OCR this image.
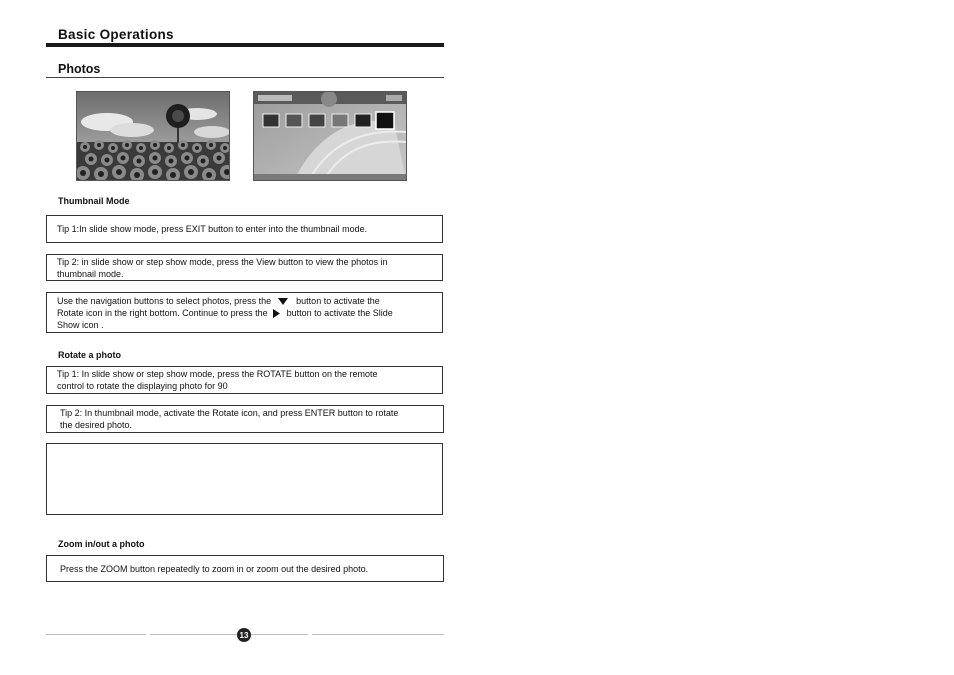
Basic Operations
Photos
Thumbnail Mode
Tip 1:In slide show mode, press EXIT button to enter into the thumbnail mode.
Tip 2: in slide show or step show mode, press the View button to view the photos in
thumbnail mode.
Use the navigation buttons to select photos, press the	button to activate the
Rotate icon in the right bottom. Continue to press the button to activate the Slide
Show icon .
Rotate a photo
Tip 1: In slide show or step show mode, press the ROTATE button on the remote
control to rotate the displaying photo for 90
Tip 2: In thumbnail mode, activate the Rotate icon, and press ENTER button to rotate
the desired photo.
Zoom in/out a photo
Press the ZOOM button repeatedly to zoom in or zoom out the desired photo.
13
